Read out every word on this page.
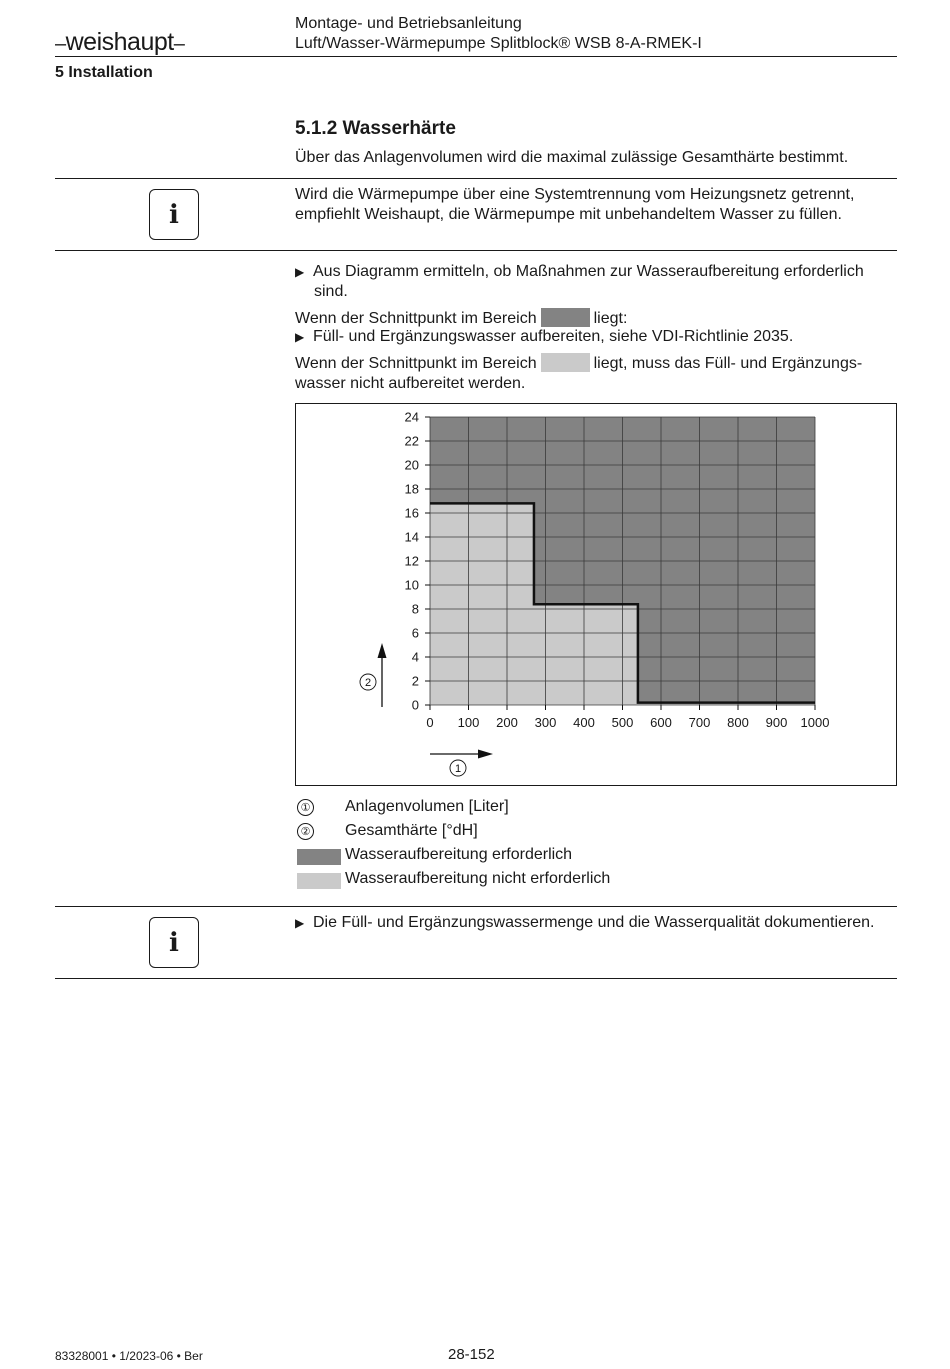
–weishaupt–
Montage- und Betriebsanleitung
Luft/Wasser-Wärmepumpe Splitblock® WSB 8-A-RMEK-I
5 Installation
5.1.2 Wasserhärte
Über das Anlagenvolumen wird die maximal zulässige Gesamthärte bestimmt.
ℹ
Wird die Wärmepumpe über eine Systemtrennung vom Heizungsnetz getrennt,
empfiehlt Weishaupt, die Wärmepumpe mit unbehandeltem Wasser zu füllen.
▶ Aus Diagramm ermitteln, ob Maßnahmen zur Wasseraufbereitung erforderlich
sind.
Wenn der Schnittpunkt im Bereich	liegt:
▶ Füll- und Ergänzungswasser aufbereiten, siehe VDI-Richtlinie 2035.
Wenn der Schnittpunkt im Bereich	liegt, muss das Füll- und Ergänzungs-
wasser nicht aufbereitet werden.
0
2
4
6
8
10
12
14
16
18
20
22
24
0 100 200 300 400 500 600 700 800 900 1000
2
1
① Anlagenvolumen [Liter]
② Gesamthärte [°dH]
Wasseraufbereitung erforderlich
Wasseraufbereitung nicht erforderlich
ℹ
▶ Die Füll- und Ergänzungswassermenge und die Wasserqualität dokumentieren.
83328001 • 1/2023-06 • Ber	28-152
